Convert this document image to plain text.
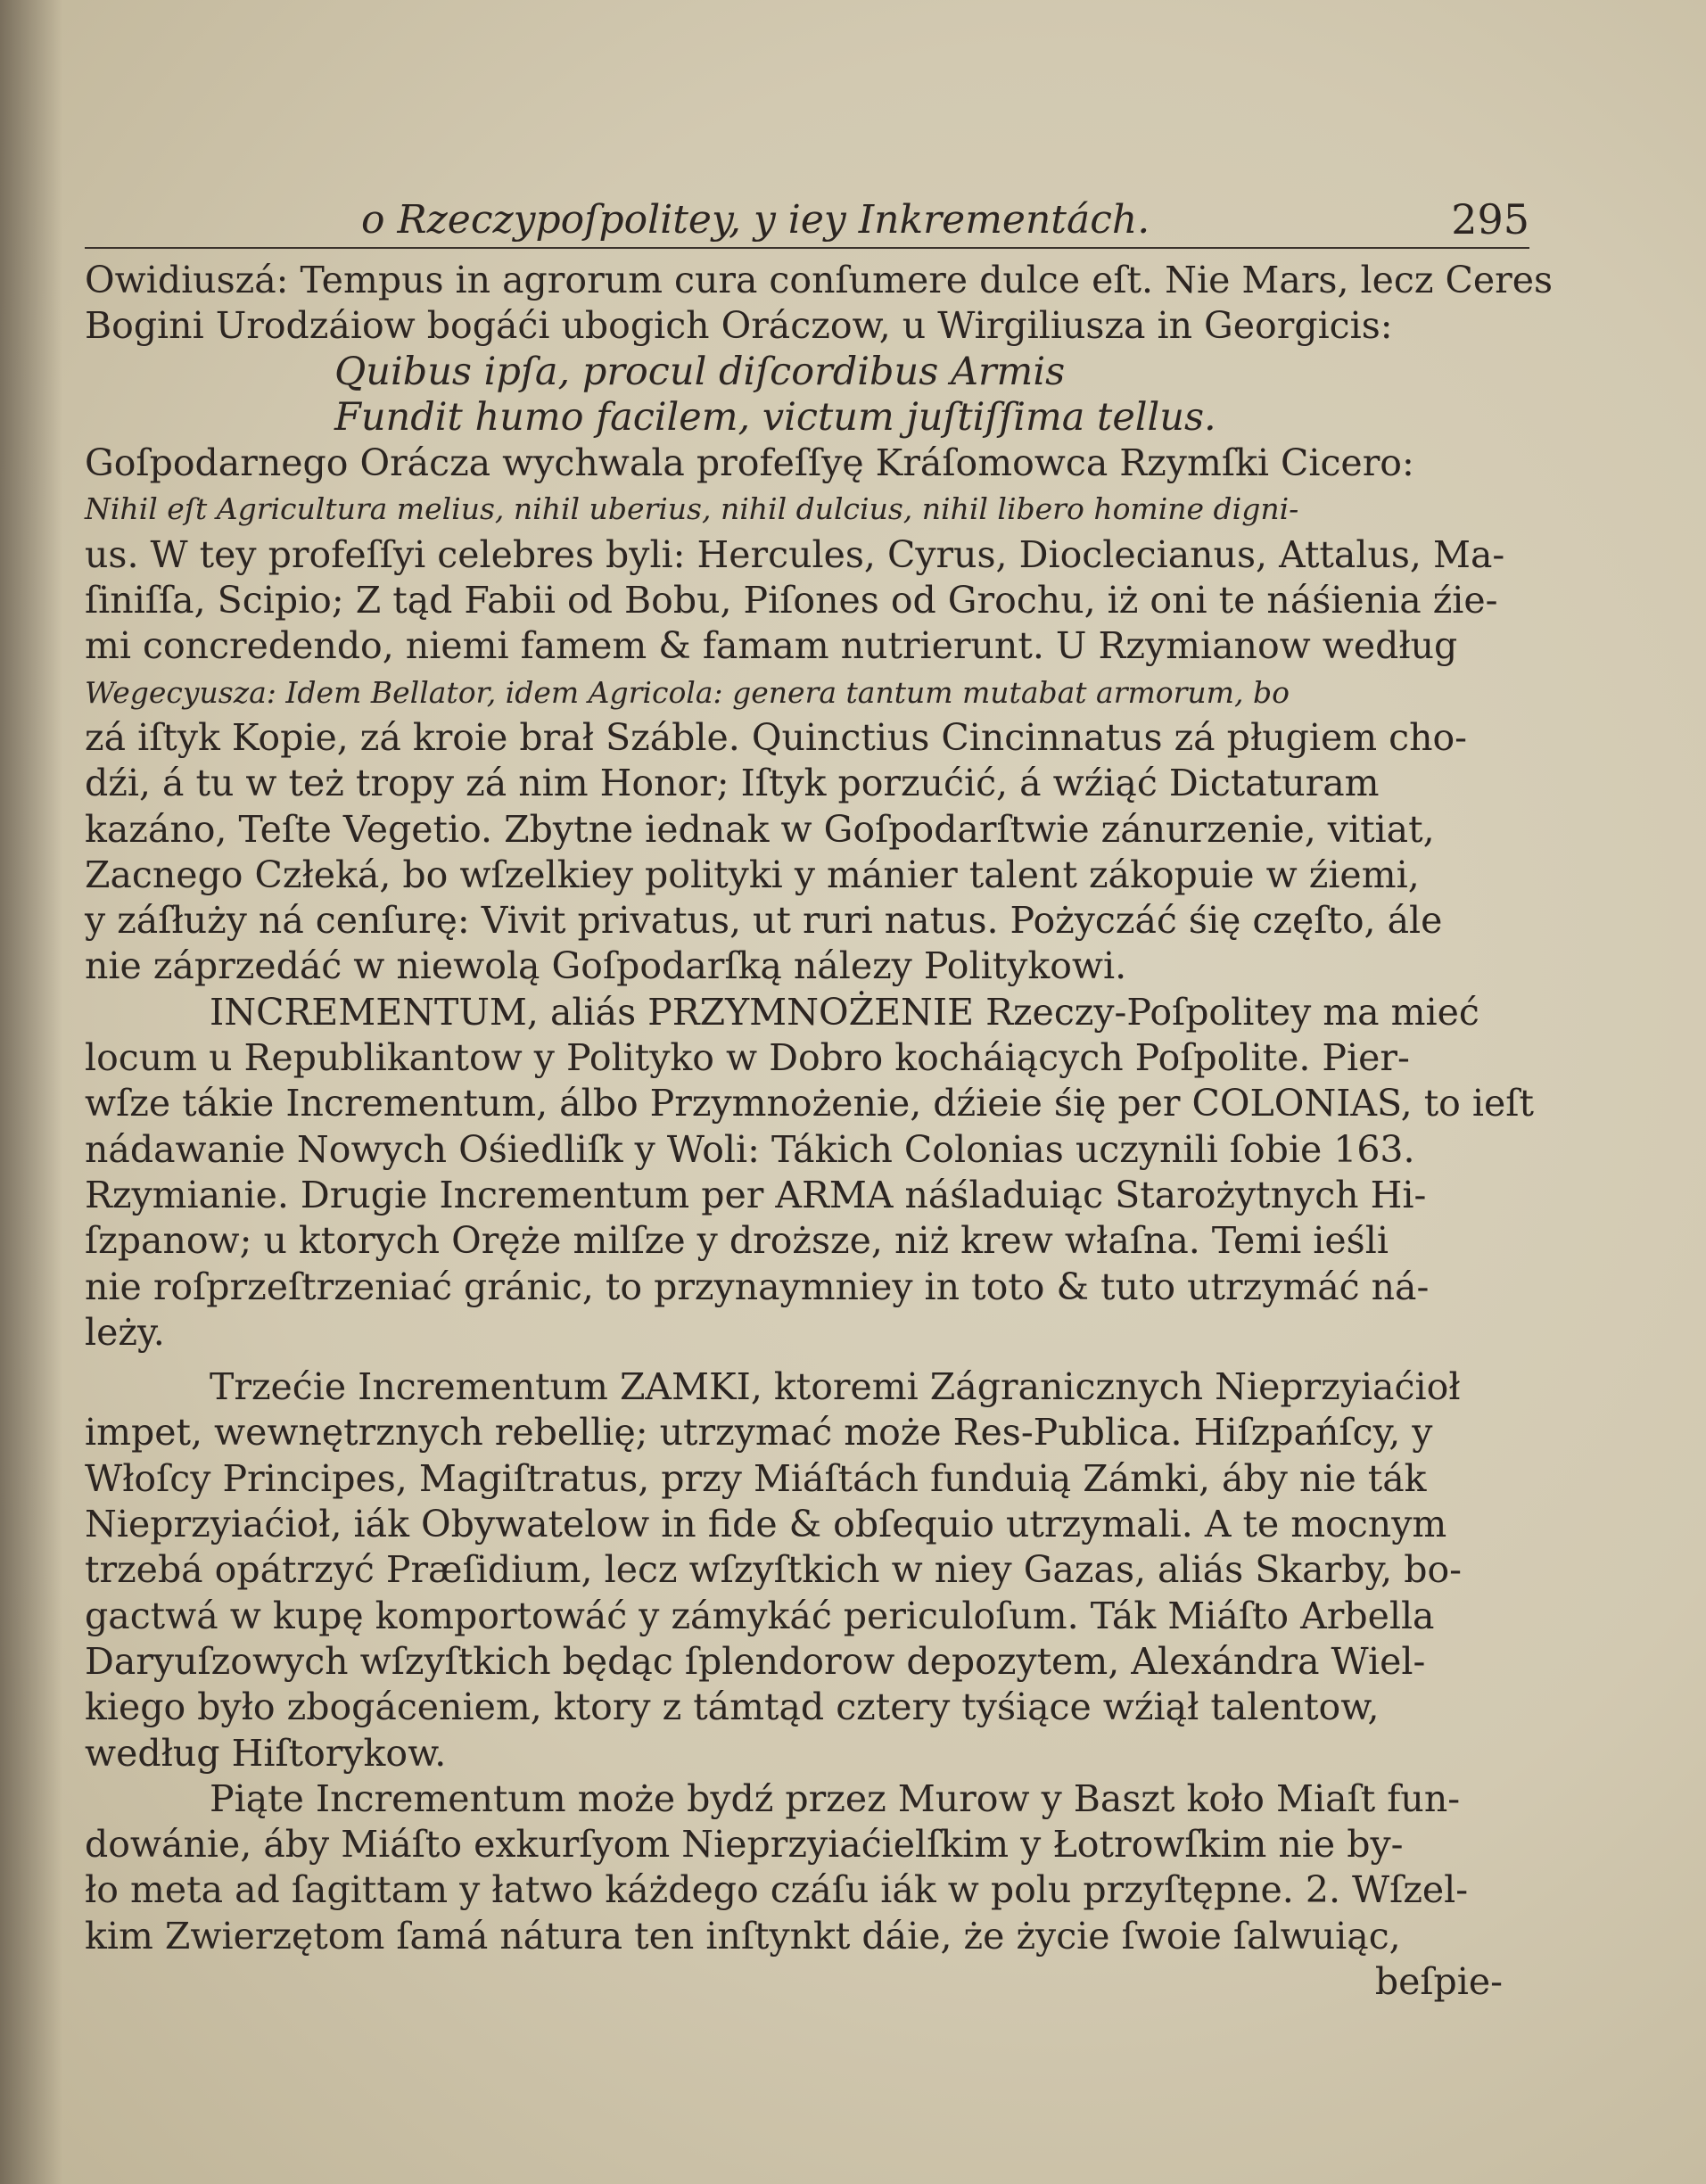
o Rzeczypoſpolitey, y iey Inkrementách.	295
Owidiuszá: Tempus in agrorum cura conſumere dulce eſt. Nie Mars, lecz Ceres
Bogini Urodzáiow bogáći ubogich Oráczow, u Wirgiliusza in Georgicis:
Quibus ipſa, procul diſcordibus Armis
Fundit humo facilem, victum juſtiſſima tellus.
Goſpodarnego Orácza wychwala profeſſyę Kráſomowca Rzymſki Cicero:
Nihil eſt Agricultura melius, nihil uberius, nihil dulcius, nihil libero homine digni-
us. W tey profeſſyi celebres byli: Hercules, Cyrus, Dioclecianus, Attalus, Ma-
ſiniſſa, Scipio; Z tąd Fabii od Bobu, Piſones od Grochu, iż oni te náśienia źie-
mi concredendo, niemi famem & famam nutrierunt. U Rzymianow według
Wegecyusza: Idem Bellator, idem Agricola: genera tantum mutabat armorum, bo
zá iſtyk Kopie, zá kroie brał Száble. Quinctius Cincinnatus zá pługiem cho-
dźi, á tu w też tropy zá nim Honor; Iſtyk porzućić, á wźiąć Dictaturam
kazáno, Teſte Vegetio. Zbytne iednak w Goſpodarſtwie zánurzenie, vitiat,
Zacnego Człeká, bo wſzelkiey polityki y mánier talent zákopuie w źiemi,
y záſłuży ná cenſurę: Vivit privatus, ut ruri natus. Pożyczáć śię częſto, ále
nie záprzedáć w niewolą Goſpodarſką nálezy Politykowi.
INCREMENTUM, aliás PRZYMNOŻENIE Rzeczy-Poſpolitey ma mieć
locum u Republikantow y Polityko w Dobro kocháiących Poſpolite. Pier-
wſze tákie Incrementum, álbo Przymnożenie, dźieie śię per COLONIAS, to ieſt
nádawanie Nowych Ośiedliſk y Woli: Tákich Colonias uczynili ſobie 163.
Rzymianie. Drugie Incrementum per ARMA náśladuiąc Starożytnych Hi-
ſzpanow; u ktorych Oręże milſze y droższe, niż krew właſna. Temi ieśli
nie roſprzeſtrzeniać gránic, to przynaymniey in toto & tuto utrzymáć ná-
leży.
Trzećie Incrementum ZAMKI, ktoremi Zágranicznych Nieprzyiaćioł
impet, wewnętrznych rebellię; utrzymać może Res-Publica. Hiſzpańſcy, y
Włoſcy Principes, Magiſtratus, przy Miáſtách funduią Zámki, áby nie ták
Nieprzyiaćioł, iák Obywatelow in fide & obſequio utrzymali. A te mocnym
trzebá opátrzyć Præſidium, lecz wſzyſtkich w niey Gazas, aliás Skarby, bo-
gactwá w kupę komportowáć y zámykáć periculoſum. Ták Miáſto Arbella
Daryuſzowych wſzyſtkich będąc ſplendorow depozytem, Alexándra Wiel-
kiego było zbogáceniem, ktory z támtąd cztery tyśiące wźiął talentow,
według Hiſtorykow.
Piąte Incrementum może bydź przez Murow y Baszt koło Miaſt fun-
dowánie, áby Miáſto exkurſyom Nieprzyiaćielſkim y Łotrowſkim nie by-
ło meta ad ſagittam y łatwo káżdego czáſu iák w polu przyſtępne. 2. Wſzel-
kim Zwierzętom ſamá nátura ten inſtynkt dáie, że życie ſwoie ſalwuiąc,
beſpie-
